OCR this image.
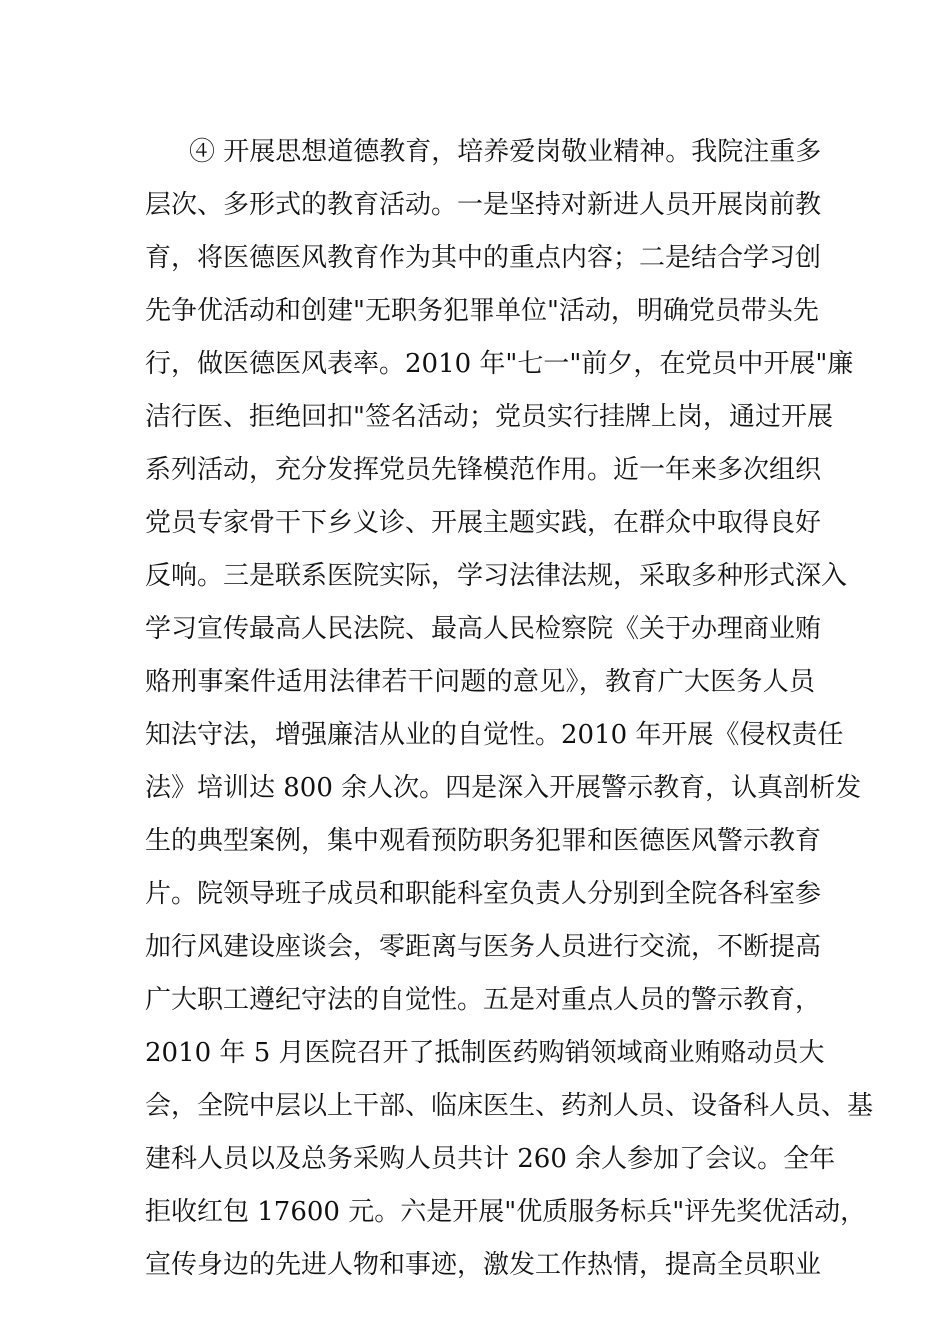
④ 开展思想道德教育，培养爱岗敬业精神。我院注重多
层次、多形式的教育活动。一是坚持对新进人员开展岗前教
育，将医德医风教育作为其中的重点内容；二是结合学习创
先争优活动和创建"无职务犯罪单位"活动，明确党员带头先
行，做医德医风表率。2010 年"七一"前夕，在党员中开展"廉
洁行医、拒绝回扣"签名活动；党员实行挂牌上岗，通过开展
系列活动，充分发挥党员先锋模范作用。近一年来多次组织
党员专家骨干下乡义诊、开展主题实践，在群众中取得良好
反响。三是联系医院实际，学习法律法规，采取多种形式深入
学习宣传最高人民法院、最高人民检察院《关于办理商业贿
赂刑事案件适用法律若干问题的意见》，教育广大医务人员
知法守法，增强廉洁从业的自觉性。2010 年开展《侵权责任
法》培训达 800 余人次。四是深入开展警示教育，认真剖析发
生的典型案例，集中观看预防职务犯罪和医德医风警示教育
片。院领导班子成员和职能科室负责人分别到全院各科室参
加行风建设座谈会，零距离与医务人员进行交流，不断提高
广大职工遵纪守法的自觉性。五是对重点人员的警示教育，
2010 年 5 月医院召开了抵制医药购销领域商业贿赂动员大
会，全院中层以上干部、临床医生、药剂人员、设备科人员、基
建科人员以及总务采购人员共计 260 余人参加了会议。全年
拒收红包 17600 元。六是开展"优质服务标兵"评先奖优活动，
宣传身边的先进人物和事迹，激发工作热情，提高全员职业
